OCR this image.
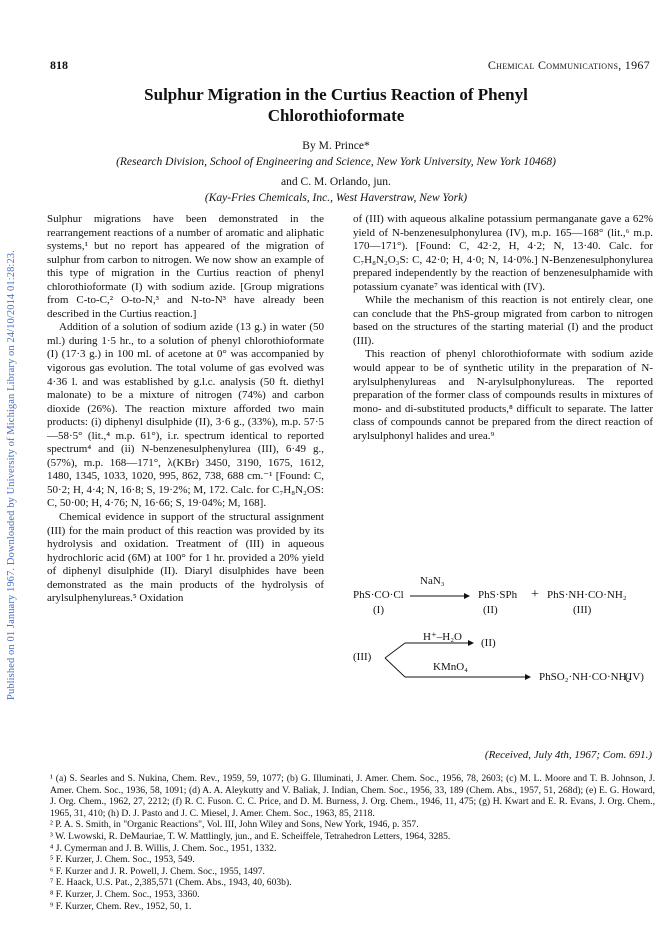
Published on 01 January 1967. Downloaded by University of Michigan Library on 24/10/2014 01:28:23.
818	Chemical Communications, 1967
Sulphur Migration in the Curtius Reaction of Phenyl
Chlorothioformate
By M. Prince*
(Research Division, School of Engineering and Science, New York University, New York 10468)
and C. M. Orlando, jun.
(Kay-Fries Chemicals, Inc., West Haverstraw, New York)

Sulphur migrations have been demonstrated in the rearrangement reactions of a number of aromatic and aliphatic systems,¹ but no report has appeared of the migration of sulphur from carbon to nitrogen. We now show an example of this type of migration in the Curtius reaction of phenyl chlorothioformate (I) with sodium azide. [Group migrations from C-to-C,² O-to-N,³ and N-to-N³ have already been described in the Curtius reaction.]

Addition of a solution of sodium azide (13 g.) in water (50 ml.) during 1·5 hr., to a solution of phenyl chlorothioformate (I) (17·3 g.) in 100 ml. of acetone at 0° was accompanied by vigorous gas evolution. The total volume of gas evolved was 4·36 l. and was established by g.l.c. analysis (50 ft. diethyl malonate) to be a mixture of nitrogen (74%) and carbon dioxide (26%). The reaction mixture afforded two main products: (i) diphenyl disulphide (II), 3·6 g., (33%), m.p. 57·5—58·5° (lit.,⁴ m.p. 61°), i.r. spectrum identical to reported spectrum⁴ and (ii) N-benzenesulphenylurea (III), 6·49 g., (57%), m.p. 168—171°, λ(KBr) 3450, 3190, 1675, 1612, 1480, 1345, 1033, 1020, 995, 862, 738, 688 cm.⁻¹ [Found: C, 50·2; H, 4·4; N, 16·8; S, 19·2%; M, 172. Calc. for C₇H₈N₂OS: C, 50·00; H, 4·76; N, 16·66; S, 19·04%; M, 168].

Chemical evidence in support of the structural assignment (III) for the main product of this reaction was provided by its hydrolysis and oxidation. Treatment of (III) in aqueous hydrochloric acid (6M) at 100° for 1 hr. provided a 20% yield of diphenyl disulphide (II). Diaryl disulphides have been demonstrated as the main products of the hydrolysis of arylsulphenylureas.⁵ Oxidation

of (III) with aqueous alkaline potassium permanganate gave a 62% yield of N-benzenesulphonylurea (IV), m.p. 165—168° (lit.,⁶ m.p. 170—171°). [Found: C, 42·2, H, 4·2; N, 13·40. Calc. for C₇H₈N₂O₃S: C, 42·0; H, 4·0; N, 14·0%.] N-Benzenesulphonylurea prepared independently by the reaction of benzenesulphamide with potassium cyanate⁷ was identical with (IV).

While the mechanism of this reaction is not entirely clear, one can conclude that the PhS-group migrated from carbon to nitrogen based on the structures of the starting material (I) and the product (III).

This reaction of phenyl chlorothioformate with sodium azide would appear to be of synthetic utility in the preparation of N-arylsulphenylureas and N-arylsulphonylureas. The reported preparation of the former class of compounds results in mixtures of mono- and di-substituted products,⁸ difficult to separate. The latter class of compounds cannot be prepared from the direct reaction of arylsulphonyl halides and urea.⁹

NaN₃
PhS·CO·Cl	PhS·SPh + PhS·NH·CO·NH₂
(I)	(II)	(III)
(III)
H⁺–H₂O (II)
KMnO₄
PhSO₂·NH·CO·NH₂
(IV)
(Received, July 4th, 1967; Com. 691.)

¹ (a) S. Searles and S. Nukina, Chem. Rev., 1959, 59, 1077; (b) G. Illuminati, J. Amer. Chem. Soc., 1956, 78, 2603; (c) M. L. Moore and T. B. Johnson, J. Amer. Chem. Soc., 1936, 58, 1091; (d) A. A. Aleykutty and V. Baliak, J. Indian, Chem. Soc., 1956, 33, 189 (Chem. Abs., 1957, 51, 268d); (e) E. G. Howard, J. Org. Chem., 1962, 27, 2212; (f) R. C. Fuson. C. C. Price, and D. M. Burness, J. Org. Chem., 1946, 11, 475; (g) H. Kwart and E. R. Evans, J. Org. Chem., 1965, 31, 410; (h) D. J. Pasto and J. C. Miesel, J. Amer. Chem. Soc., 1963, 85, 2118.

² P. A. S. Smith, in "Organic Reactions", Vol. III, John Wiley and Sons, New York, 1946, p. 357.

³ W. Lwowski, R. DeMauriae, T. W. Mattlingly, jun., and E. Scheiffele, Tetrahedron Letters, 1964, 3285.

⁴ J. Cymerman and J. B. Willis, J. Chem. Soc., 1951, 1332.

⁵ F. Kurzer, J. Chem. Soc., 1953, 549.

⁶ F. Kurzer and J. R. Powell, J. Chem. Soc., 1955, 1497.

⁷ E. Haack, U.S. Pat., 2,385,571 (Chem. Abs., 1943, 40, 603b).

⁸ F. Kurzer, J. Chem. Soc., 1953, 3360.

⁹ F. Kurzer, Chem. Rev., 1952, 50, 1.
